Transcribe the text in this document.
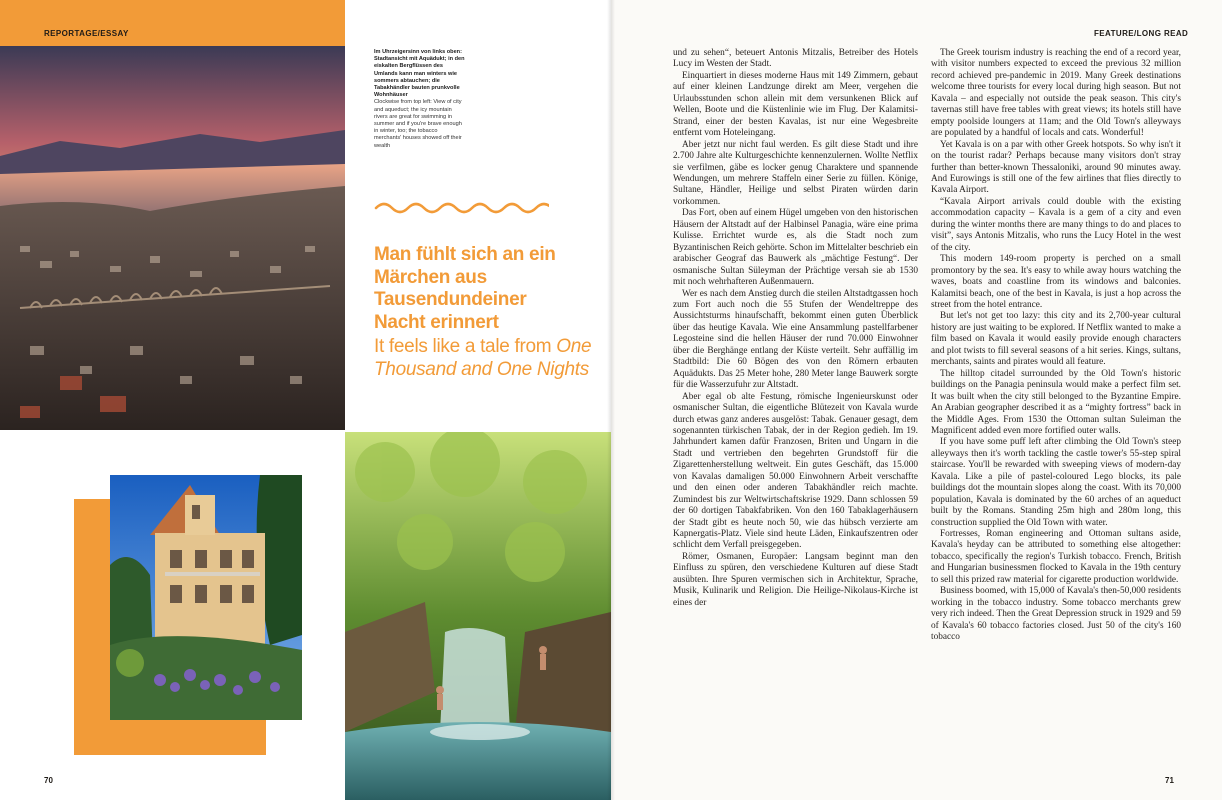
REPORTAGE/ESSAY
Im Uhrzeigersinn von links oben: Stadtansicht mit Aquädukt; in den eiskalten Bergflüssen des Umlands kann man winters wie sommers abtauchen; die Tabakhändler bauten prunkvolle Wohnhäuser
Clockwise from top left: View of city and aqueduct; the icy mountain rivers are great for swimming in summer and if you're brave enough in winter, too; the tobacco merchants' houses showed off their wealth
Man fühlt sich an ein Märchen aus Tausendundeiner Nacht erinnert
It feels like a tale from One Thousand and One Nights
70
FEATURE/LONG READ

und zu sehen“, beteuert Antonis Mitzalis, Betreiber des Hotels Lucy im Westen der Stadt.

Einquartiert in dieses moderne Haus mit 149 Zimmern, gebaut auf einer kleinen Landzunge direkt am Meer, vergehen die Urlaubsstunden schon allein mit dem versunkenen Blick auf Wellen, Boote und die Küstenlinie wie im Flug. Der Kalamitsi-Strand, einer der besten Kavalas, ist nur eine Wegesbreite entfernt vom Hoteleingang.

Aber jetzt nur nicht faul werden. Es gilt diese Stadt und ihre 2.700 Jahre alte Kulturgeschichte kennenzulernen. Wollte Netflix sie verfilmen, gäbe es locker genug Charaktere und spannende Wendungen, um mehrere Staffeln einer Serie zu füllen. Könige, Sultane, Händler, Heilige und selbst Piraten würden darin vorkommen.

Das Fort, oben auf einem Hügel umgeben von den historischen Häusern der Altstadt auf der Halbinsel Panagia, wäre eine prima Kulisse. Errichtet wurde es, als die Stadt noch zum Byzantinischen Reich gehörte. Schon im Mittelalter beschrieb ein arabischer Geograf das Bauwerk als „mächtige Festung“. Der osmanische Sultan Süleyman der Prächtige versah sie ab 1530 mit noch wehrhafteren Außenmauern.

Wer es nach dem Anstieg durch die steilen Altstadtgassen hoch zum Fort auch noch die 55 Stufen der Wendeltreppe des Aussichtsturms hinaufschafft, bekommt einen guten Überblick über das heutige Kavala. Wie eine Ansammlung pastellfarbener Legosteine sind die hellen Häuser der rund 70.000 Einwohner über die Berghänge entlang der Küste verteilt. Sehr auffällig im Stadtbild: Die 60 Bögen des von den Römern erbauten Aquädukts. Das 25 Meter hohe, 280 Meter lange Bauwerk sorgte für die Wasserzufuhr zur Altstadt.

Aber egal ob alte Festung, römische Ingenieurskunst oder osmanischer Sultan, die eigentliche Blütezeit von Kavala wurde durch etwas ganz anderes ausgelöst: Tabak. Genauer gesagt, dem sogenannten türkischen Tabak, der in der Region gedieh. Im 19. Jahrhundert kamen dafür Franzosen, Briten und Ungarn in die Stadt und vertrieben den begehrten Grundstoff für die Zigarettenherstellung weltweit. Ein gutes Geschäft, das 15.000 von Kavalas damaligen 50.000 Einwohnern Arbeit verschaffte und den einen oder anderen Tabakhändler reich machte. Zumindest bis zur Weltwirtschaftskrise 1929. Dann schlossen 59 der 60 dortigen Tabakfabriken. Von den 160 Tabaklagerhäusern der Stadt gibt es heute noch 50, wie das hübsch verzierte am Kapnergatis-Platz. Viele sind heute Läden, Einkaufszentren oder schlicht dem Verfall preisgegeben.

Römer, Osmanen, Europäer: Langsam beginnt man den Einfluss zu spüren, den verschiedene Kulturen auf diese Stadt ausübten. Ihre Spuren vermischen sich in Architektur, Sprache, Musik, Kulinarik und Religion. Die Heilige-Nikolaus-Kirche ist eines der

The Greek tourism industry is reaching the end of a record year, with visitor numbers expected to exceed the previous 32 million record achieved pre-pandemic in 2019. Many Greek destinations welcome three tourists for every local during high season. But not Kavala – and especially not outside the peak season. This city's tavernas still have free tables with great views; its hotels still have empty poolside loungers at 11am; and the Old Town's alleyways are populated by a handful of locals and cats. Wonderful!

Yet Kavala is on a par with other Greek hotspots. So why isn't it on the tourist radar? Perhaps because many visitors don't stray further than better-known Thessaloniki, around 90 minutes away. And Eurowings is still one of the few airlines that flies directly to Kavala Airport.

“Kavala Airport arrivals could double with the existing accommodation capacity – Kavala is a gem of a city and even during the winter months there are many things to do and places to visit”, says Antonis Mitzalis, who runs the Lucy Hotel in the west of the city.

This modern 149-room property is perched on a small promontory by the sea. It's easy to while away hours watching the waves, boats and coastline from its windows and balconies. Kalamitsi beach, one of the best in Kavala, is just a hop across the street from the hotel entrance.

But let's not get too lazy: this city and its 2,700-year cultural history are just waiting to be explored. If Netflix wanted to make a film based on Kavala it would easily provide enough characters and plot twists to fill several seasons of a hit series. Kings, sultans, merchants, saints and pirates would all feature.

The hilltop citadel surrounded by the Old Town's historic buildings on the Panagia peninsula would make a perfect film set. It was built when the city still belonged to the Byzantine Empire. An Arabian geographer described it as a “mighty fortress” back in the Middle Ages. From 1530 the Ottoman sultan Suleiman the Magnificent added even more fortified outer walls.

If you have some puff left after climbing the Old Town's steep alleyways then it's worth tackling the castle tower's 55-step spiral staircase. You'll be rewarded with sweeping views of modern-day Kavala. Like a pile of pastel-coloured Lego blocks, its pale buildings dot the mountain slopes along the coast. With its 70,000 population, Kavala is dominated by the 60 arches of an aqueduct built by the Romans. Standing 25m high and 280m long, this construction supplied the Old Town with water.

Fortresses, Roman engineering and Ottoman sultans aside, Kavala's heyday can be attributed to something else altogether: tobacco, specifically the region's Turkish tobacco. French, British and Hungarian businessmen flocked to Kavala in the 19th century to sell this prized raw material for cigarette production worldwide.

Business boomed, with 15,000 of Kavala's then-50,000 residents working in the tobacco industry. Some tobacco merchants grew very rich indeed. Then the Great Depression struck in 1929 and 59 of Kavala's 60 tobacco factories closed. Just 50 of the city's 160 tobacco

71
